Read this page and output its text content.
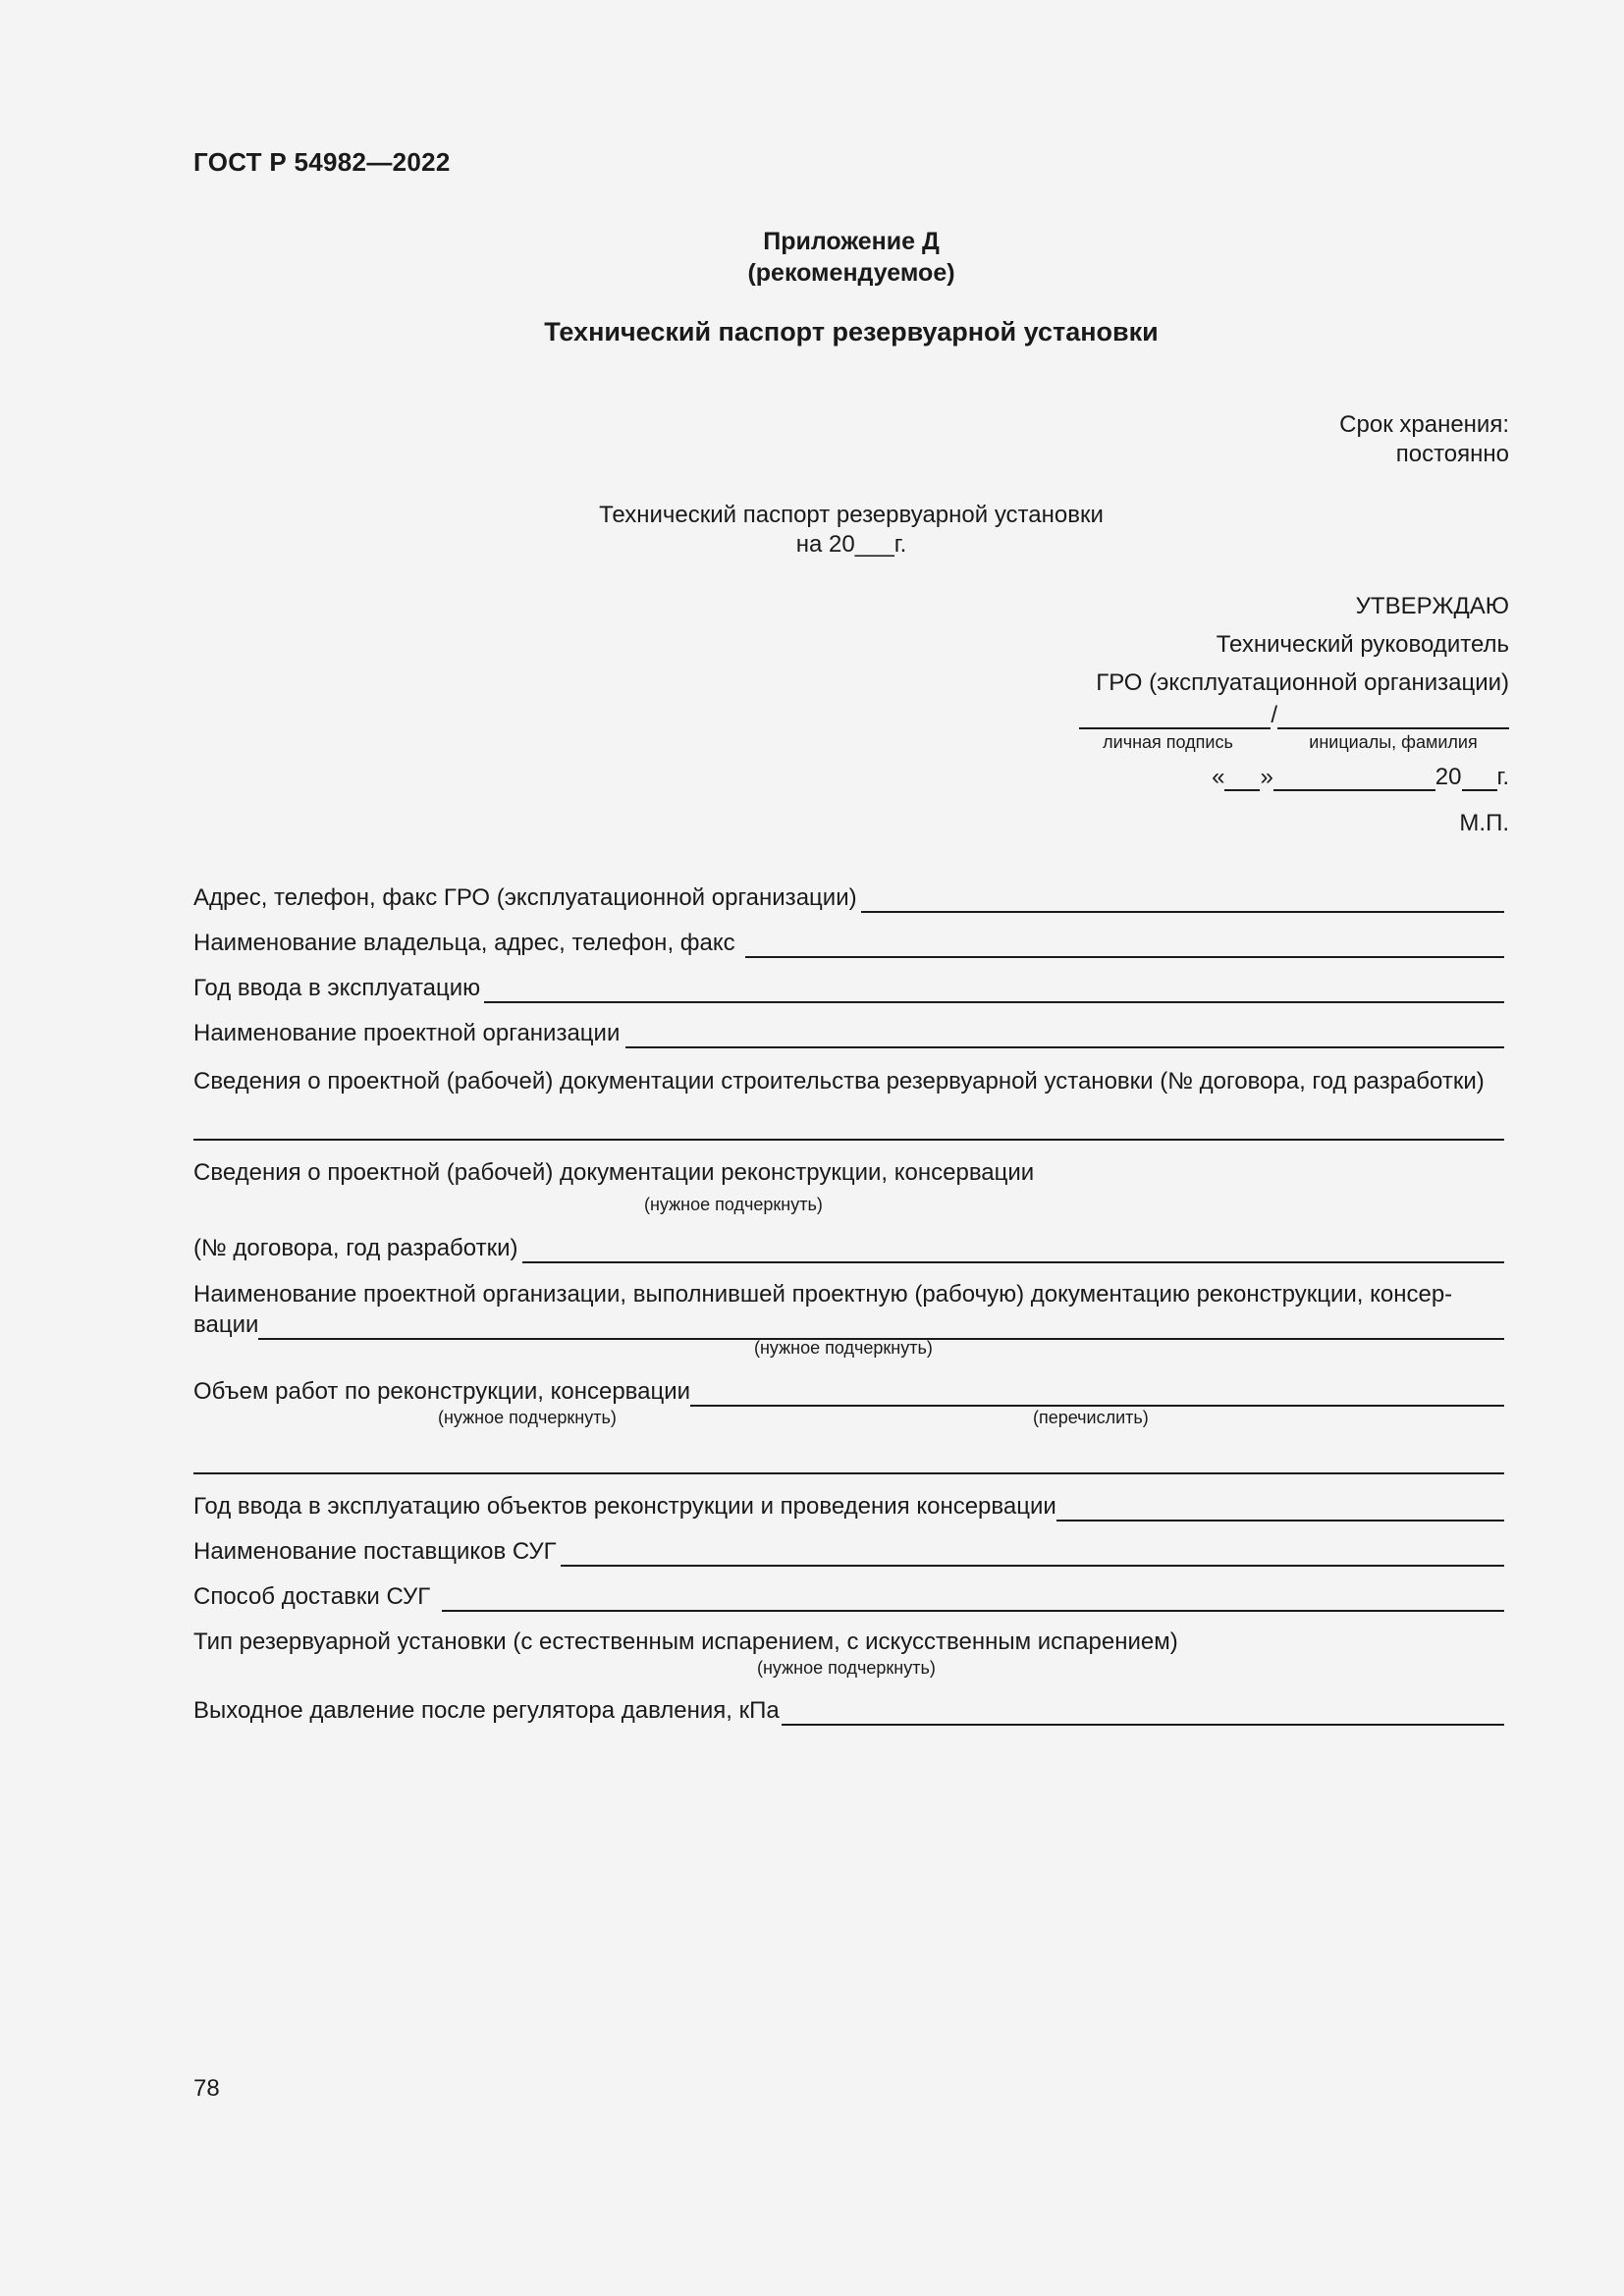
ГОСТ Р 54982—2022
Приложение Д
(рекомендуемое)
Технический паспорт резервуарной установки
Срок хранения:
постоянно
Технический паспорт резервуарной установки
на 20___г.
УТВЕРЖДАЮ
Технический руководитель
ГРО (эксплуатационной организации)
/
личная подпись	инициалы, фамилия
« »	20 г.
М.П.
Адрес, телефон, факс ГРО (эксплуатационной организации)
Наименование владельца, адрес, телефон, факс
Год ввода в эксплуатацию
Наименование проектной организации
Сведения о проектной (рабочей) документации строительства резервуарной установки (№ договора, год разработки)
Сведения о проектной (рабочей) документации реконструкции, консервации
(нужное подчеркнуть)
(№ договора, год разработки)
Наименование проектной организации, выполнившей проектную (рабочую) документацию реконструкции, консер-
вации
(нужное подчеркнуть)
Объем работ по реконструкции, консервации
(нужное подчеркнуть)	(перечислить)
Год ввода в эксплуатацию объектов реконструкции и проведения консервации
Наименование поставщиков СУГ
Способ доставки СУГ
Тип резервуарной установки (с естественным испарением, с искусственным испарением)
(нужное подчеркнуть)
Выходное давление после регулятора давления, кПа
78
